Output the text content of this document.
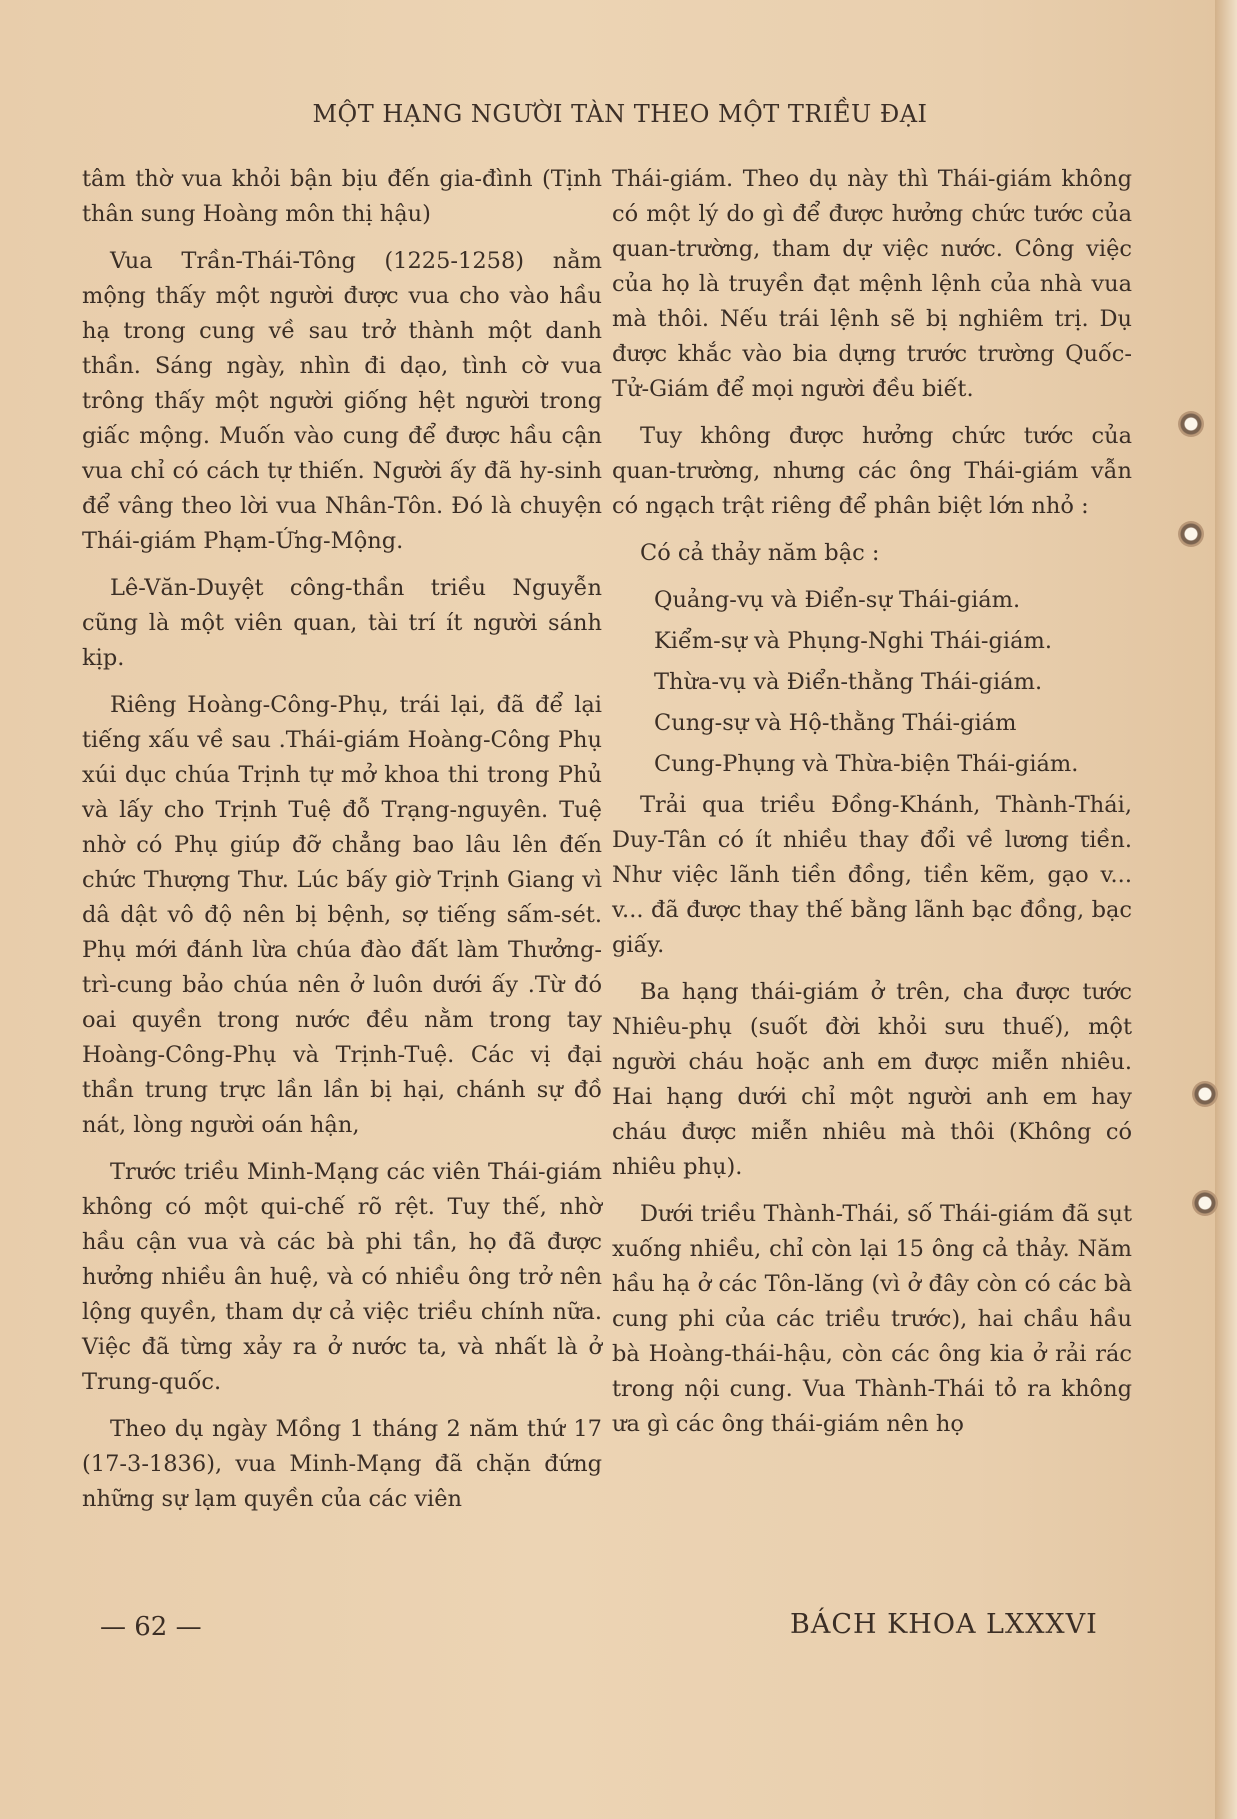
MỘT HẠNG NGƯỜI TÀN THEO MỘT TRIỀU ĐẠI

tâm thờ vua khỏi bận bịu đến gia-đình (Tịnh thân sung Hoàng môn thị hậu)

Vua Trần-Thái-Tông (1225-1258) nằm mộng thấy một người được vua cho vào hầu hạ trong cung về sau trở thành một danh thần. Sáng ngày, nhìn đi dạo, tình cờ vua trông thấy một người giống hệt người trong giấc mộng. Muốn vào cung để được hầu cận vua chỉ có cách tự thiến. Người ấy đã hy-sinh để vâng theo lời vua Nhân-Tôn. Đó là chuyện Thái-giám Phạm-Ứng-Mộng.

Lê-Văn-Duyệt công-thần triều Nguyễn cũng là một viên quan, tài trí ít người sánh kịp.

Riêng Hoàng-Công-Phụ, trái lại, đã để lại tiếng xấu về sau .Thái-giám Hoàng-Công Phụ xúi dục chúa Trịnh tự mở khoa thi trong Phủ và lấy cho Trịnh Tuệ đỗ Trạng-nguyên. Tuệ nhờ có Phụ giúp đỡ chẳng bao lâu lên đến chức Thượng Thư. Lúc bấy giờ Trịnh Giang vì dâ dật vô độ nên bị bệnh, sợ tiếng sấm-sét. Phụ mới đánh lừa chúa đào đất làm Thưởng-trì-cung bảo chúa nên ở luôn dưới ấy .Từ đó oai quyền trong nước đều nằm trong tay Hoàng-Công-Phụ và Trịnh-Tuệ. Các vị đại thần trung trực lần lần bị hại, chánh sự đồ nát, lòng người oán hận,

Trước triều Minh-Mạng các viên Thái-giám không có một qui-chế rõ rệt. Tuy thế, nhờ hầu cận vua và các bà phi tần, họ đã được hưởng nhiều ân huệ, và có nhiều ông trở nên lộng quyền, tham dự cả việc triều chính nữa. Việc đã từng xảy ra ở nước ta, và nhất là ở Trung-quốc.

Theo dụ ngày Mồng 1 tháng 2 năm thứ 17 (17-3-1836), vua Minh-Mạng đã chặn đứng những sự lạm quyền của các viên

Thái-giám. Theo dụ này thì Thái-giám không có một lý do gì để được hưởng chức tước của quan-trường, tham dự việc nước. Công việc của họ là truyền đạt mệnh lệnh của nhà vua mà thôi. Nếu trái lệnh sẽ bị nghiêm trị. Dụ được khắc vào bia dựng trước trường Quốc-Tử-Giám để mọi người đều biết.

Tuy không được hưởng chức tước của quan-trường, nhưng các ông Thái-giám vẫn có ngạch trật riêng để phân biệt lớn nhỏ :

Có cả thảy năm bậc :

Quảng-vụ và Điển-sự Thái-giám.

Kiểm-sự và Phụng-Nghi Thái-giám.

Thừa-vụ và Điển-thằng Thái-giám.

Cung-sự và Hộ-thằng Thái-giám

Cung-Phụng và Thừa-biện Thái-giám.

Trải qua triều Đồng-Khánh, Thành-Thái, Duy-Tân có ít nhiều thay đổi về lương tiền. Như việc lãnh tiền đồng, tiền kẽm, gạo v... v... đã được thay thế bằng lãnh bạc đồng, bạc giấy.

Ba hạng thái-giám ở trên, cha được tước Nhiêu-phụ (suốt đời khỏi sưu thuế), một người cháu hoặc anh em được miễn nhiêu. Hai hạng dưới chỉ một người anh em hay cháu được miễn nhiêu mà thôi (Không có nhiêu phụ).

Dưới triều Thành-Thái, số Thái-giám đã sụt xuống nhiều, chỉ còn lại 15 ông cả thảy. Năm hầu hạ ở các Tôn-lăng (vì ở đây còn có các bà cung phi của các triều trước), hai chầu hầu bà Hoàng-thái-hậu, còn các ông kia ở rải rác trong nội cung. Vua Thành-Thái tỏ ra không ưa gì các ông thái-giám nên họ

— 62 —	BÁCH KHOA LXXXVI
